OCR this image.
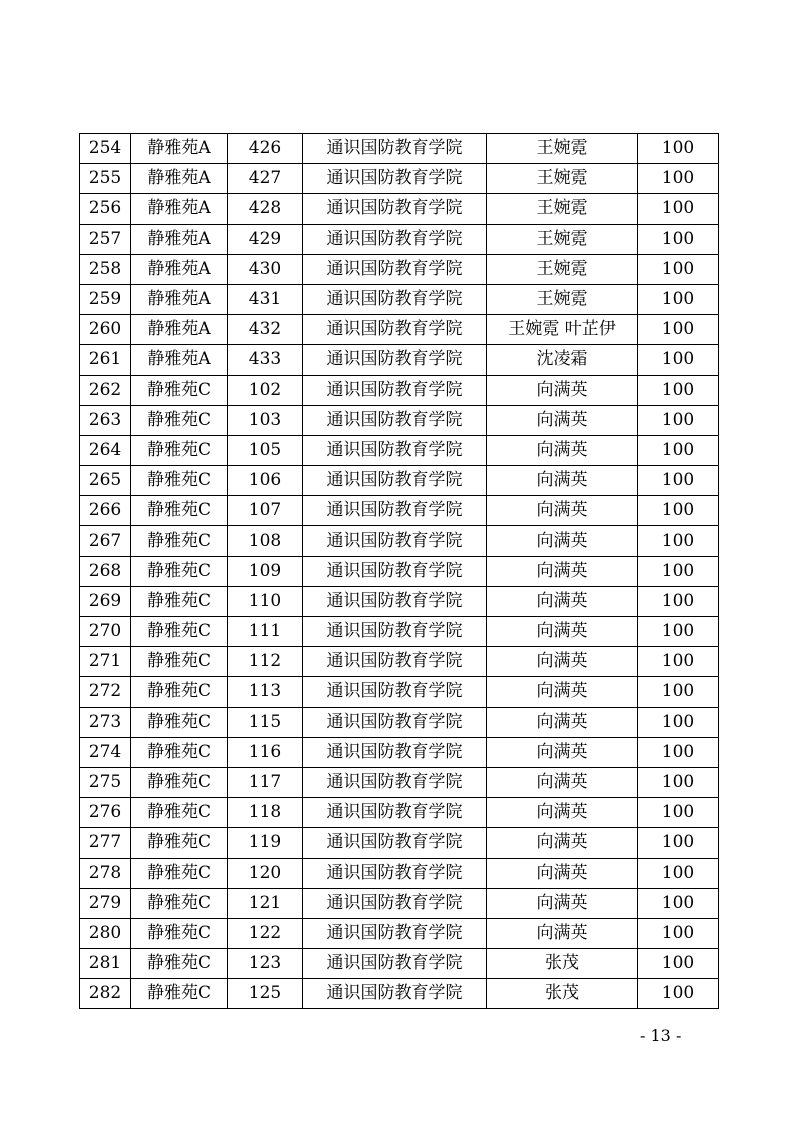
254	静雅苑A	426	通识国防教育学院	王婉霓	100
255	静雅苑A	427	通识国防教育学院	王婉霓	100
256	静雅苑A	428	通识国防教育学院	王婉霓	100
257	静雅苑A	429	通识国防教育学院	王婉霓	100
258	静雅苑A	430	通识国防教育学院	王婉霓	100
259	静雅苑A	431	通识国防教育学院	王婉霓	100
260	静雅苑A	432	通识国防教育学院	王婉霓 叶芷伊	100
261	静雅苑A	433	通识国防教育学院	沈凌霜	100
262	静雅苑C	102	通识国防教育学院	向满英	100
263	静雅苑C	103	通识国防教育学院	向满英	100
264	静雅苑C	105	通识国防教育学院	向满英	100
265	静雅苑C	106	通识国防教育学院	向满英	100
266	静雅苑C	107	通识国防教育学院	向满英	100
267	静雅苑C	108	通识国防教育学院	向满英	100
268	静雅苑C	109	通识国防教育学院	向满英	100
269	静雅苑C	110	通识国防教育学院	向满英	100
270	静雅苑C	111	通识国防教育学院	向满英	100
271	静雅苑C	112	通识国防教育学院	向满英	100
272	静雅苑C	113	通识国防教育学院	向满英	100
273	静雅苑C	115	通识国防教育学院	向满英	100
274	静雅苑C	116	通识国防教育学院	向满英	100
275	静雅苑C	117	通识国防教育学院	向满英	100
276	静雅苑C	118	通识国防教育学院	向满英	100
277	静雅苑C	119	通识国防教育学院	向满英	100
278	静雅苑C	120	通识国防教育学院	向满英	100
279	静雅苑C	121	通识国防教育学院	向满英	100
280	静雅苑C	122	通识国防教育学院	向满英	100
281	静雅苑C	123	通识国防教育学院	张茂	100
282	静雅苑C	125	通识国防教育学院	张茂	100
- 13 -
